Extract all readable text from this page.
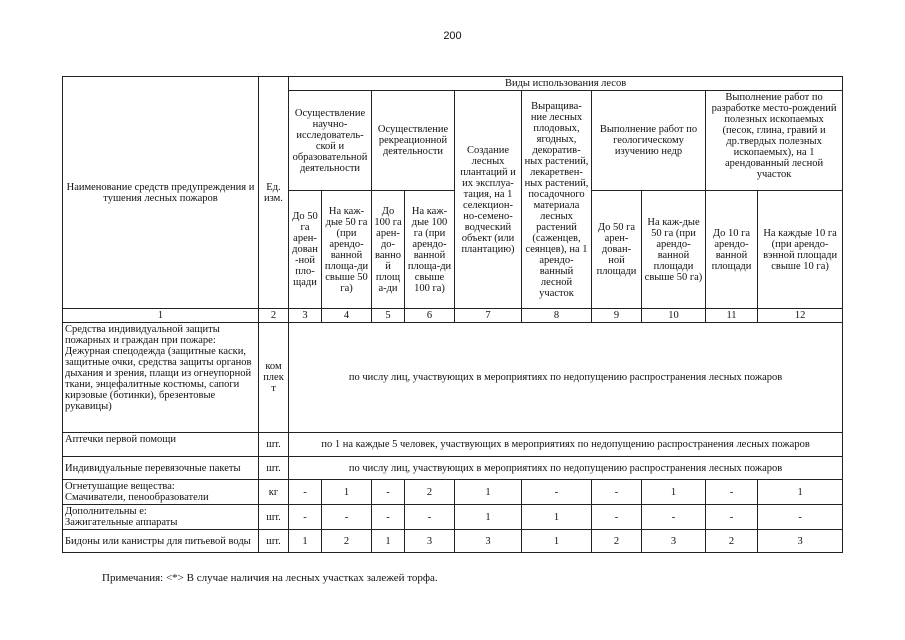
200
Наименование средств предупреждения и тушения лесных пожаров	Ед. изм.	Виды использования лесов									
		Осуществление научно-исследователь-ской и образовательной деятельности		Осуществление рекреационной деятельности		Создание лесных плантаций и их эксплуа-тация, на 1 селекцион-но-семено-водческий объект (или плантацию)	Выращива-ние лесных плодовых, ягодных, декоратив-ных растений, лекаретвен-ных растений, посадочного материала лесных растений (саженцев, сеянцев), на 1 арендо-ванный лесной участок	Выполнение работ по геологическому изучению недр		Выполнение работ по разработке место-рождений полезных ископаемых (песок, глина, гравий и др.твердых полезных ископаемых), на 1 арендованный лесной участок	
		До 50 га арен-дован-ной пло-щади	На каж-дые 50 га (при арендо-ванной площа-ди свыше 50 га)	До 100 га арен-до-ванной площа-ди	На каж-дые 100 га (при арендо-ванной площа-ди свыше 100 га)			До 50 га арен-дован-ной площади	На каж-дые 50 га (при арендо-ванной площади свыше 50 га)	До 10 га арендо-ванной площади	На каждые 10 га (при арендо-вэнной площади свыше 10 га)
1	2	3	4	5	6	7	8	9	10	11	12
Средства индивидуальной защиты пожарных и граждан при пожаре: Дежурная спецодежда (защитные каски, защитные очки, средства защиты органов дыхания и зрения, плащи из огнеупорной ткани, энцефалитные костюмы, сапоги кирзовые (ботинки), брезентовые рукавицы)	ком плект	по числу лиц, участвующих в мероприятиях по недопущению распространения лесных пожаров									
Аптечки первой помощи	шт.	по 1 на каждые 5 человек, участвующих в мероприятиях по недопущению распространения лесных пожаров									
Индивидуальные перевязочные пакеты	шт.	по числу лиц, участвующих в мероприятиях по недопущению распространения лесных пожаров									

Огнетушащие вещества:
Смачиватели, пенообразователи	кг	-	1	-	2	1	-	-	1	-	1

Дополнительны е:
Зажигательные аппараты	шт.	-	-	-	-	1	1	-	-	-	-
Бидоны или канистры для питьевой воды	шт.	1	2	1	3	3	1	2	3	2	3
Примечания: <*> В случае наличия на лесных участках залежей торфа.
